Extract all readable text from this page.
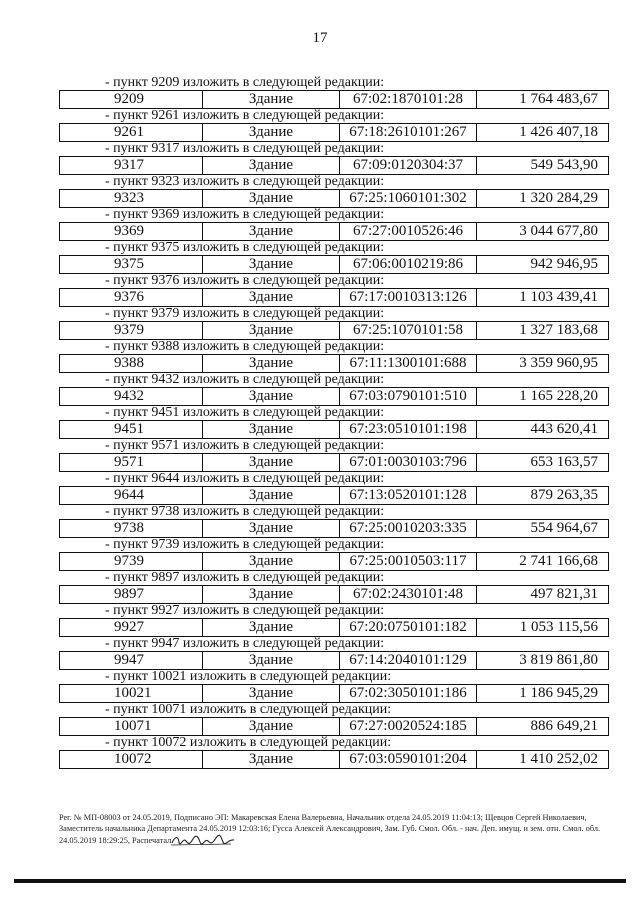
17
- пункт 9209 изложить в следующей редакции:
9209	Здание	67:02:1870101:28	1 764 483,67
- пункт 9261 изложить в следующей редакции:
9261	Здание	67:18:2610101:267	1 426 407,18
- пункт 9317 изложить в следующей редакции:
9317	Здание	67:09:0120304:37	549 543,90
- пункт 9323 изложить в следующей редакции:
9323	Здание	67:25:1060101:302	1 320 284,29
- пункт 9369 изложить в следующей редакции:
9369	Здание	67:27:0010526:46	3 044 677,80
- пункт 9375 изложить в следующей редакции:
9375	Здание	67:06:0010219:86	942 946,95
- пункт 9376 изложить в следующей редакции:
9376	Здание	67:17:0010313:126	1 103 439,41
- пункт 9379 изложить в следующей редакции:
9379	Здание	67:25:1070101:58	1 327 183,68
- пункт 9388 изложить в следующей редакции:
9388	Здание	67:11:1300101:688	3 359 960,95
- пункт 9432 изложить в следующей редакции:
9432	Здание	67:03:0790101:510	1 165 228,20
- пункт 9451 изложить в следующей редакции:
9451	Здание	67:23:0510101:198	443 620,41
- пункт 9571 изложить в следующей редакции:
9571	Здание	67:01:0030103:796	653 163,57
- пункт 9644 изложить в следующей редакции:
9644	Здание	67:13:0520101:128	879 263,35
- пункт 9738 изложить в следующей редакции:
9738	Здание	67:25:0010203:335	554 964,67
- пункт 9739 изложить в следующей редакции:
9739	Здание	67:25:0010503:117	2 741 166,68
- пункт 9897 изложить в следующей редакции:
9897	Здание	67:02:2430101:48	497 821,31
- пункт 9927 изложить в следующей редакции:
9927	Здание	67:20:0750101:182	1 053 115,56
- пункт 9947 изложить в следующей редакции:
9947	Здание	67:14:2040101:129	3 819 861,80
- пункт 10021 изложить в следующей редакции:
10021	Здание	67:02:3050101:186	1 186 945,29
- пункт 10071 изложить в следующей редакции:
10071	Здание	67:27:0020524:185	886 649,21
- пункт 10072 изложить в следующей редакции:
10072	Здание	67:03:0590101:204	1 410 252,02
Рег. № МП-08003 от 24.05.2019, Подписано ЭП: Макаревская Елена Валерьевна, Начальник отдела 24.05.2019 11:04:13; Щевцов Сергей Николаевич, Заместитель начальника Департамента 24.05.2019 12:03:16; Гусса Алексей Александрович, Зам. Губ. Смол. Обл. - нач. Деп. имущ. и зем. отн. Смол. обл. 24.05.2019 18:29:25, Распечатал
